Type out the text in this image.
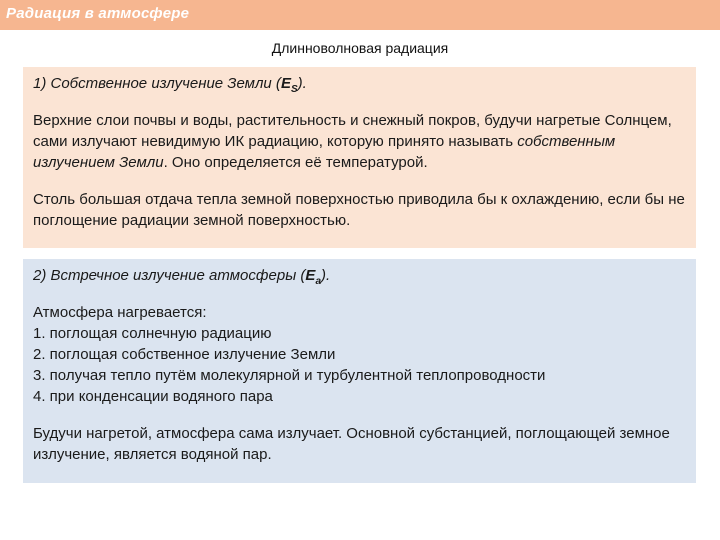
Радиация в атмосфере
Длинноволновая радиация
1) Собственное излучение Земли $(E_S)$.
Верхние слои почвы и воды, растительность и снежный покров, будучи нагретые Солнцем, сами излучают невидимую ИК радиацию, которую принято называть собственным излучением Земли. Оно определяется её температурой.
Столь большая отдача тепла земной поверхностью приводила бы к охлаждению, если бы не поглощение радиации земной поверхностью.
2) Встречное излучение атмосферы $(E_a)$.
Атмосфера нагревается:
1. поглощая солнечную радиацию
2. поглощая собственное излучение Земли
3. получая тепло путём молекулярной и турбулентной теплопроводности
4. при конденсации водяного пара
Будучи нагретой, атмосфера сама излучает. Основной субстанцией, поглощающей земное излучение, является водяной пар.
